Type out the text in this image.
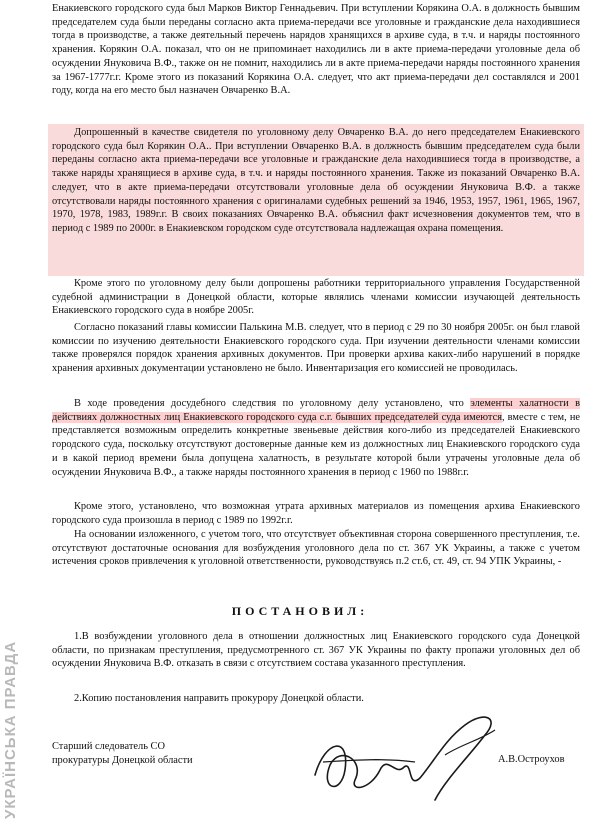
УКРАЇНСЬКА ПРАВДА
Енакиевского городского суда был Марков Виктор Геннадьевич. При вступлении Корякина О.А. в должность бывшим председателем суда были переданы согласно акта приема-передачи все уголовные и гражданские дела находившиеся тогда в производстве, а также деятельный перечень нарядов хранящихся в архиве суда, в т.ч. и наряды постоянного хранения. Корякин О.А. показал, что он не припоминает находились ли в акте приема-передачи уголовные дела об осуждении Януковича В.Ф., также он не помнит, находились ли в акте приема-передачи наряды постоянного хранения за 1967-1777г.г. Кроме этого из показаний Корякина О.А. следует, что акт приема-передачи дел составлялся и 2001 году, когда на его место был назначен Овчаренко В.А.
Допрошенный в качестве свидетеля по уголовному делу Овчаренко В.А. до него председателем Енакиевского городского суда был Корякин О.А.. При вступлении Овчаренко В.А. в должность бывшим председателем суда были переданы согласно акта приема-передачи все уголовные и гражданские дела находившиеся тогда в производстве, а также наряды хранящиеся в архиве суда, в т.ч. и наряды постоянного хранения. Также из показаний Овчаренко В.А. следует, что в акте приема-передачи отсутствовали уголовные дела об осуждении Януковича В.Ф. а также отсутствовали наряды постоянного хранения с оригиналами судебных решений за 1946, 1953, 1957, 1961, 1965, 1967, 1970, 1978, 1983, 1989г.г. В своих показаниях Овчаренко В.А. объяснил факт исчезновения документов тем, что в период с 1989 по 2000г. в Енакиевском городском суде отсутствовала надлежащая охрана помещения.
Кроме этого по уголовному делу были допрошены работники территориального управления Государственной судебной администрации в Донецкой области, которые являлись членами комиссии изучающей деятельность Енакиевского городского суда в ноябре 2005г.
Согласно показаний главы комиссии Палькина М.В. следует, что в период с 29 по 30 ноября 2005г. он был главой комиссии по изучению деятельности Енакиевского городского суда. При изучении деятельности членами комиссии также проверялся порядок хранения архивных документов. При проверки архива каких-либо нарушений в порядке хранения архивных документации установлено не было. Инвентаризация его комиссией не проводилась.
В ходе проведения досудебного следствия по уголовному делу установлено, что элементы халатности в действиях должностных лиц Енакиевского городского суда с.г. бывших председателей суда имеются, вместе с тем, не представляется возможным определить конкретные звеньевые действия кого-либо из председателей Енакиевского городского суда, поскольку отсутствуют достоверные данные кем из должностных лиц Енакиевского городского суда и в какой период времени была допущена халатность, в результате которой были утрачены уголовные дела об осуждении Януковича В.Ф., а также наряды постоянного хранения в период с 1960 по 1988г.г.
Кроме этого, установлено, что возможная утрата архивных материалов из помещения архива Енакиевского городского суда произошла в период с 1989 по 1992г.г.
На основании изложенного, с учетом того, что отсутствует объективная сторона совершенного преступления, т.е. отсутствуют достаточные основания для возбуждения уголовного дела по ст. 367 УК Украины, а также с учетом истечения сроков привлечения к уголовной ответственности, руководствуясь п.2 ст.6, ст. 49, ст. 94 УПК Украины, -
ПОСТАНОВИЛ:
1.В возбуждении уголовного дела в отношении должностных лиц Енакиевского городского суда Донецкой области, по признакам преступления, предусмотренного ст. 367 УК Украины по факту пропажи уголовных дел об осуждении Януковича В.Ф. отказать в связи с отсутствием состава указанного преступления.
2.Копию постановления направить прокурору Донецкой области.
Старший следователь СО
прокуратуры Донецкой области	А.В.Остроухов
